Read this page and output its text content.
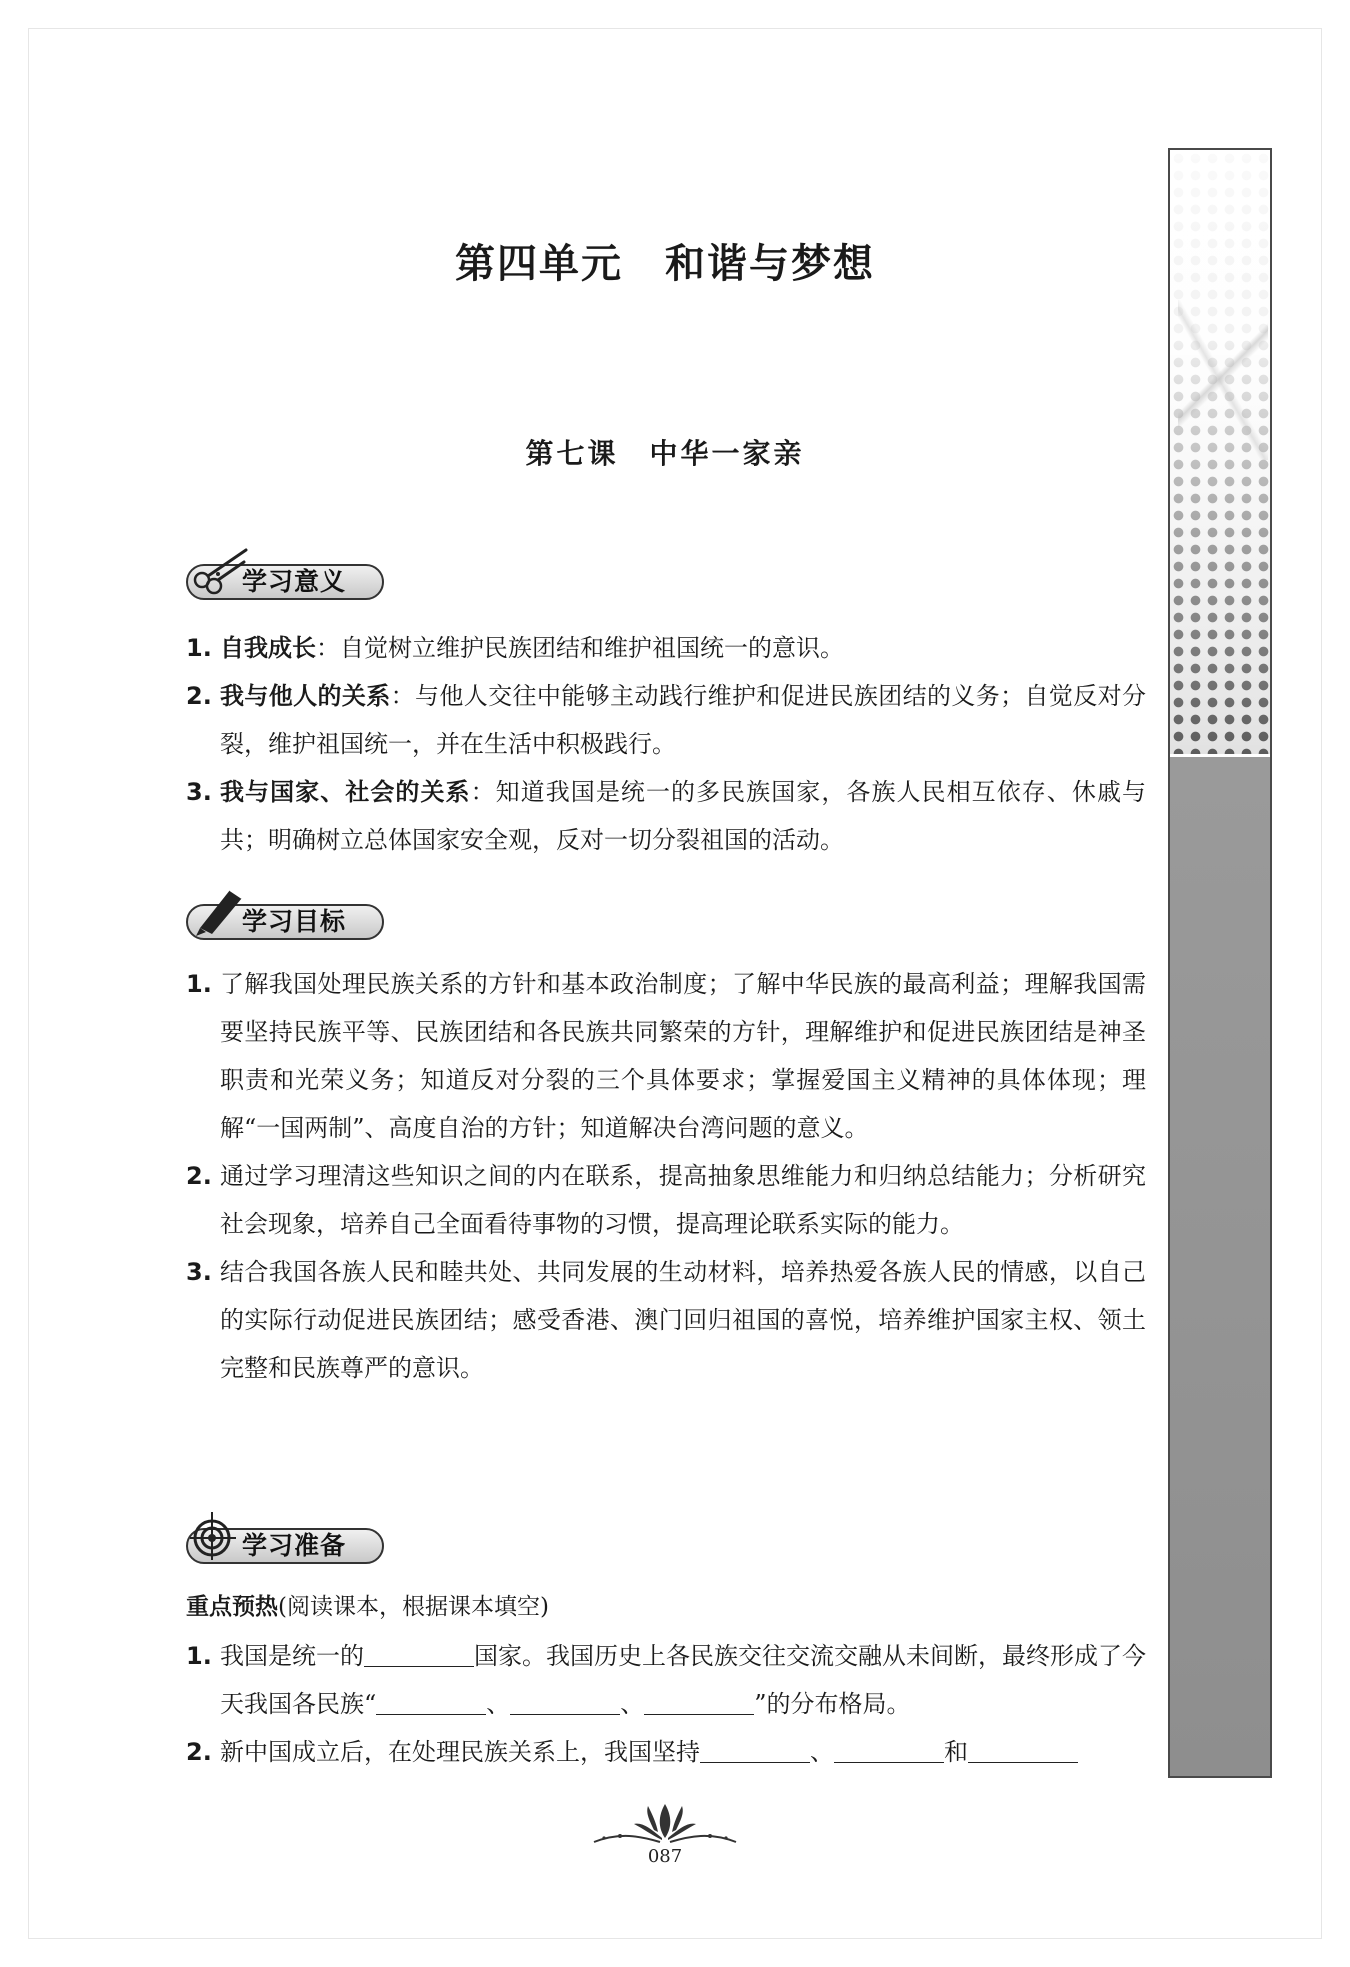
第四单元
和谐与梦想
第四单元　和谐与梦想
第七课　中华一家亲
学习意义
1. 自我成长：自觉树立维护民族团结和维护祖国统一的意识。
2. 我与他人的关系：与他人交往中能够主动践行维护和促进民族团结的义务；自觉反对分裂，维护祖国统一，并在生活中积极践行。
3. 我与国家、社会的关系：知道我国是统一的多民族国家，各族人民相互依存、休戚与共；明确树立总体国家安全观，反对一切分裂祖国的活动。
学习目标
1. 了解我国处理民族关系的方针和基本政治制度；了解中华民族的最高利益；理解我国需要坚持民族平等、民族团结和各民族共同繁荣的方针，理解维护和促进民族团结是神圣职责和光荣义务；知道反对分裂的三个具体要求；掌握爱国主义精神的具体体现；理解“一国两制”、高度自治的方针；知道解决台湾问题的意义。
2. 通过学习理清这些知识之间的内在联系，提高抽象思维能力和归纳总结能力；分析研究社会现象，培养自己全面看待事物的习惯，提高理论联系实际的能力。
3. 结合我国各族人民和睦共处、共同发展的生动材料，培养热爱各族人民的情感，以自己的实际行动促进民族团结；感受香港、澳门回归祖国的喜悦，培养维护国家主权、领土完整和民族尊严的意识。
学习准备
重点预热(阅读课本，根据课本填空)
1. 我国是统一的	国家。我国历史上各民族交往交流交融从未间断，最终形成了今天我国各民族“	、	、	”的分布格局。
2. 新中国成立后，在处理民族关系上，我国坚持	、	和
087
